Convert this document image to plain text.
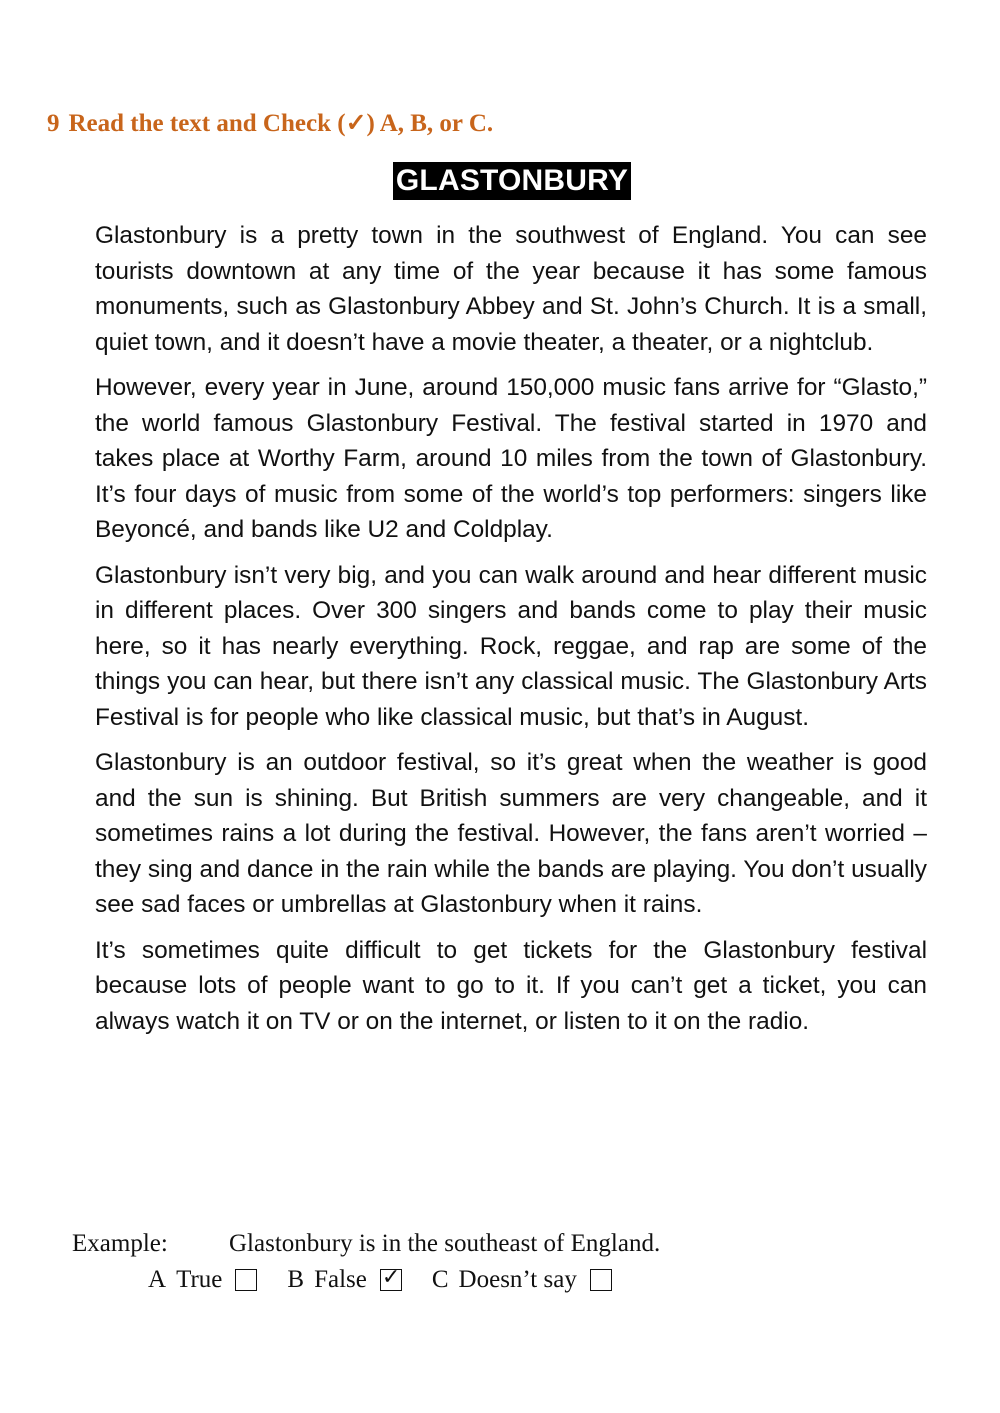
9 Read the text and Check (✓) A, B, or C.
GLASTONBURY

Glastonbury is a pretty town in the southwest of England. You can see tourists downtown at any time of the year because it has some famous monuments, such as Glastonbury Abbey and St. John’s Church. It is a small, quiet town, and it doesn’t have a movie theater, a theater, or a nightclub.

However, every year in June, around 150,000 music fans arrive for “Glasto,” the world famous Glastonbury Festival. The festival started in 1970 and takes place at Worthy Farm, around 10 miles from the town of Glastonbury. It’s four days of music from some of the world’s top performers: singers like Beyoncé, and bands like U2 and Coldplay.

Glastonbury isn’t very big, and you can walk around and hear different music in different places. Over 300 singers and bands come to play their music here, so it has nearly everything. Rock, reggae, and rap are some of the things you can hear, but there isn’t any classical music. The Glastonbury Arts Festival is for people who like classical music, but that’s in August.

Glastonbury is an outdoor festival, so it’s great when the weather is good and the sun is shining. But British summers are very changeable, and it sometimes rains a lot during the festival. However, the fans aren’t worried – they sing and dance in the rain while the bands are playing. You don’t usually see sad faces or umbrellas at Glastonbury when it rains.

It’s sometimes quite difficult to get tickets for the Glastonbury festival because lots of people want to go to it. If you can’t get a ticket, you can always watch it on TV or on the internet, or listen to it on the radio.

Example: Glastonbury is in the southeast of England.
A True	B False ✓ C Doesn’t say
